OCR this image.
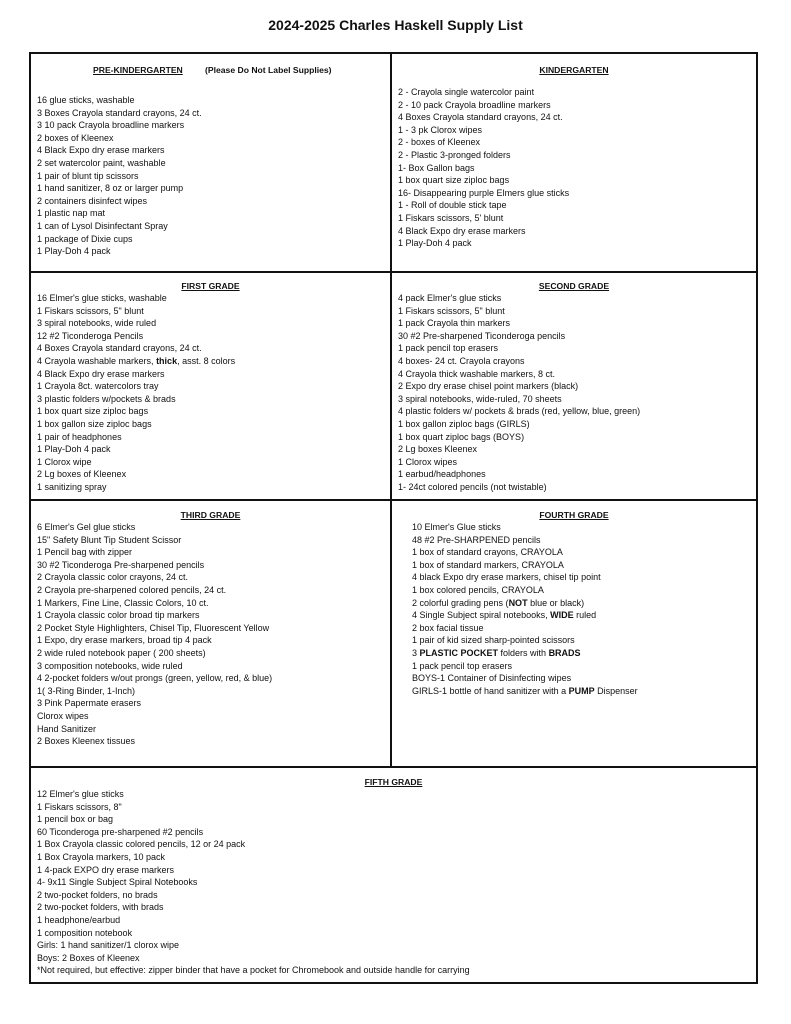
2024-2025 Charles Haskell Supply List
PRE-KINDERGARTEN	(Please Do Not Label Supplies)
16 glue sticks, washable
3 Boxes Crayola standard crayons, 24 ct.
3 10 pack Crayola broadline markers
2 boxes of Kleenex
4 Black Expo dry erase markers
2 set watercolor paint, washable
1 pair of blunt tip scissors
1 hand sanitizer, 8 oz or larger pump
2 containers disinfect wipes
1 plastic nap mat
1 can of Lysol Disinfectant Spray
1 package of Dixie cups
1 Play-Doh 4 pack
KINDERGARTEN
2 - Crayola single watercolor paint
2 - 10 pack Crayola broadline markers
4 Boxes Crayola standard crayons, 24 ct.
1 - 3 pk Clorox wipes
2 - boxes of Kleenex
2 - Plastic 3-pronged folders
1- Box Gallon bags
1 box quart size ziploc bags
16- Disappearing purple Elmers glue sticks
1 - Roll of double stick tape
1 Fiskars scissors, 5' blunt
4 Black Expo dry erase markers
1 Play-Doh 4 pack
FIRST GRADE
16 Elmer's glue sticks, washable
1 Fiskars scissors, 5" blunt
3 spiral notebooks, wide ruled
12 #2 Ticonderoga Pencils
4 Boxes Crayola standard crayons, 24 ct.
4 Crayola washable markers, thick, asst. 8 colors
4 Black Expo dry erase markers
1 Crayola 8ct. watercolors tray
3 plastic folders w/pockets & brads
1 box quart size ziploc bags
1 box gallon size ziploc bags
1 pair of headphones
1 Play-Doh 4 pack
1 Clorox wipe
2 Lg boxes of Kleenex
1 sanitizing spray
SECOND GRADE
4 pack Elmer's glue sticks
1 Fiskars scissors, 5" blunt
1 pack Crayola thin markers
30 #2 Pre-sharpened Ticonderoga pencils
1 pack pencil top erasers
4 boxes- 24 ct. Crayola crayons
4 Crayola thick washable markers, 8 ct.
2 Expo dry erase chisel point markers (black)
3 spiral notebooks, wide-ruled, 70 sheets
4 plastic folders w/ pockets & brads (red, yellow, blue, green)
1 box gallon ziploc bags (GIRLS)
1 box quart ziploc bags (BOYS)
2 Lg boxes Kleenex
1 Clorox wipes
1 earbud/headphones
1- 24ct colored pencils (not twistable)
THIRD GRADE
6 Elmer's Gel glue sticks
15" Safety Blunt Tip Student Scissor
1 Pencil bag with zipper
30 #2 Ticonderoga Pre-sharpened pencils
2 Crayola classic color crayons, 24 ct.
2 Crayola pre-sharpened colored pencils, 24 ct.
1 Markers, Fine Line, Classic Colors, 10 ct.
1 Crayola classic color broad tip markers
2 Pocket Style Highlighters, Chisel Tip, Fluorescent Yellow
1 Expo, dry erase markers, broad tip 4 pack
2 wide ruled notebook paper ( 200 sheets)
3 composition notebooks, wide ruled
4 2-pocket folders w/out prongs (green, yellow, red, & blue)
1( 3-Ring Binder, 1-Inch)
3 Pink Papermate erasers
Clorox wipes
Hand Sanitizer
2 Boxes Kleenex tissues
FOURTH GRADE
10 Elmer's Glue sticks
48 #2 Pre-SHARPENED pencils
1 box of standard crayons, CRAYOLA
1 box of standard markers, CRAYOLA
4 black Expo dry erase markers, chisel tip point
1 box colored pencils, CRAYOLA
2 colorful grading pens (NOT blue or black)
4 Single Subject spiral notebooks, WIDE ruled
2 box facial tissue
1 pair of kid sized sharp-pointed scissors
3 PLASTIC POCKET folders with BRADS
1 pack pencil top erasers
BOYS-1 Container of Disinfecting wipes
GIRLS-1 bottle of hand sanitizer with a PUMP Dispenser
FIFTH GRADE
12 Elmer's glue sticks
1 Fiskars scissors, 8"
1 pencil box or bag
60 Ticonderoga pre-sharpened #2 pencils
1 Box Crayola classic colored pencils, 12 or 24 pack
1 Box Crayola markers, 10 pack
1 4-pack EXPO dry erase markers
4- 9x11 Single Subject Spiral Notebooks
2 two-pocket folders, no brads
2 two-pocket folders, with brads
1 headphone/earbud
1 composition notebook
Girls: 1 hand sanitizer/1 clorox wipe
Boys: 2 Boxes of Kleenex
*Not required, but effective: zipper binder that have a pocket for Chromebook and outside handle for carrying
